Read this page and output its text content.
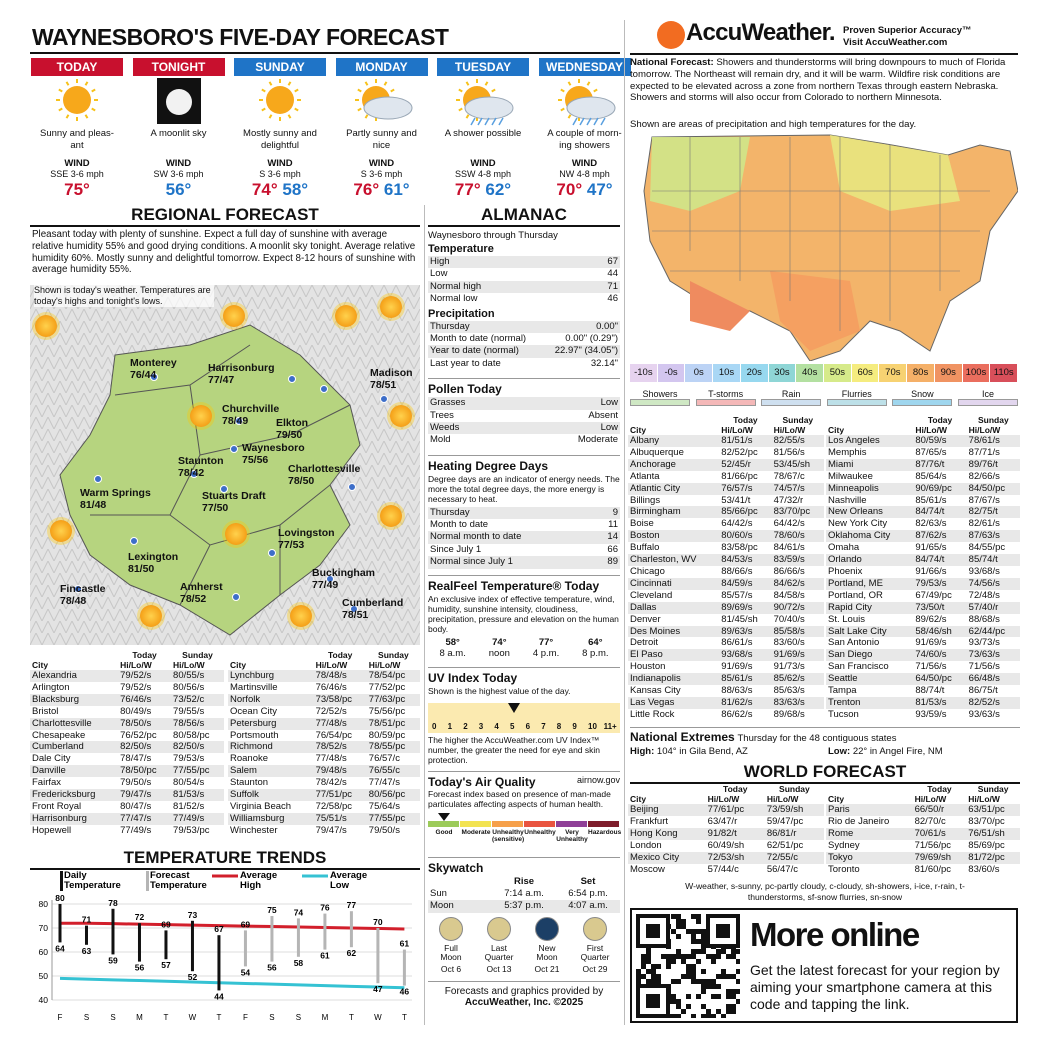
WAYNESBORO'S FIVE-DAY FORECAST
TODAY
Sunny and pleas-
ant
WIND
SSE 3-6 mph
75°
TONIGHT
A moonlit sky
WIND
SW 3-6 mph
56°
SUNDAY
Mostly sunny and
delightful
WIND
S 3-6 mph
74° 58°
MONDAY
Partly sunny and
nice
WIND
S 3-6 mph
76° 61°
TUESDAY
A shower possible
WIND
SSW 4-8 mph
77° 62°
WEDNESDAY
A couple of morn-
ing showers
WIND
NW 4-8 mph
70° 47°
REGIONAL FORECAST
Pleasant today with plenty of sunshine. Expect a full day of sunshine with average relative humidity 55% and good drying conditions. A moonlit sky tonight. Average relative humidity 60%. Mostly sunny and delightful tomorrow. Expect 8-12 hours of sunshine with average humidity 55%.
Shown is today's weather. Temperatures are today's highs and tonight's lows.
Monterey
76/44
Harrisonburg
77/47
Madison
78/51
Elkton
79/50
Churchville
78/49
Waynesboro
75/56
Staunton
78/42	Charlottesville
78/50
Warm Springs
81/48
Stuarts Draft
77/50
Lovingston
77/53
Lexington
81/50
Fincastle
78/48
Amherst
78/52
Buckingham
77/49
Cumberland
78/51
	Today	Sunday
City	Hi/Lo/W	Hi/Lo/W
Alexandria	79/52/s	80/55/s
Arlington	79/52/s	80/56/s
Blacksburg	76/46/s	73/52/c
Bristol	80/49/s	79/55/s
Charlottesville	78/50/s	78/56/s
Chesapeake	76/52/pc	80/58/pc
Cumberland	82/50/s	82/50/s
Dale City	78/47/s	79/53/s
Danville	78/50/pc	77/55/pc
Fairfax	79/50/s	80/54/s
Fredericksburg	79/47/s	81/53/s
Front Royal	80/47/s	81/52/s
Harrisonburg	77/47/s	77/49/s
Hopewell	77/49/s	79/53/pc
	Today	Sunday
City	Hi/Lo/W	Hi/Lo/W
Lynchburg	78/48/s	78/54/pc
Martinsville	76/46/s	77/52/pc
Norfolk	73/58/pc	77/63/pc
Ocean City	72/52/s	75/56/pc
Petersburg	77/48/s	78/51/pc
Portsmouth	76/54/pc	80/59/pc
Richmond	78/52/s	78/55/pc
Roanoke	77/48/s	76/57/c
Salem	79/48/s	76/55/c
Staunton	78/42/s	77/47/s
Suffolk	77/51/pc	80/56/pc
Virginia Beach	72/58/pc	75/64/s
Williamsburg	75/51/s	77/55/pc
Winchester	79/47/s	79/50/s
TEMPERATURE TRENDS
Daily
Temperature
Forecast
Temperature
Average
High
Average
Low
40
50
60
70
80
80
64
F
71
63
S
78
59
S
72
56
M
69
57
T
73
52
W
67
44
T
69
54
F
75
56
S
74
58
S
76
61
M
77
62
T
70
47
W
61
46
T
ALMANAC
Waynesboro through Thursday
Temperature
High	67
Low	44
Normal high	71
Normal low	46
Precipitation
Thursday	0.00"
Month to date (normal)	0.00" (0.29")
Year to date (normal)	22.97" (34.05")
Last year to date	32.14"
Pollen Today
Grasses	Low
Trees	Absent
Weeds	Low
Mold	Moderate
Heating Degree Days
Degree days are an indicator of energy needs. The more the total degree days, the more energy is necessary to heat.
Thursday	9
Month to date	11
Normal month to date	14
Since July 1	66
Normal since July 1	89
RealFeel Temperature® Today
An exclusive index of effective temperature, wind, humidity, sunshine intensity, cloudiness, precipitation, pressure and elevation on the human body.
58°
8 a.m.
74°
noon
77°
4 p.m.
64°
8 p.m.
UV Index Today
Shown is the highest value of the day.
0 1 2 3 4 5 6 7 8 9 10 11+
The higher the AccuWeather.com UV Index™ number, the greater the need for eye and skin protection.
Today's Air Quality	airnow.gov
Forecast index based on presence of man-made particulates affecting aspects of human health.
Good	Moderate Unhealthy (sensitive)
Unhealthy	Very Unhealthy
Hazardous
Skywatch
Rise	Set
Sun	7:14 a.m.	6:54 p.m.
Moon	5:37 p.m.	4:07 a.m.
Full
Moon
Oct 6
Last
Quarter
Oct 13
New
Moon
Oct 21
First
Quarter
Oct 29
Forecasts and graphics provided by
AccuWeather, Inc. ©2025
AccuWeather. Proven Superior Accuracy™
Visit AccuWeather.com
National Forecast: Showers and thunderstorms will bring downpours to much of Florida tomorrow. The Northeast will remain dry, and it will be warm. Wildfire risk conditions are expected to be elevated across a zone from northern Texas through eastern Nebraska. Showers and storms will also occur from Colorado to northern Minnesota.
Shown are areas of precipitation and high temperatures for the day.
-10s	-0s	0s	10s	20s	30s	40s	50s	60s	70s	80s	90s	100s 110s
Showers	T-storms	Rain	Flurries	Snow	Ice
	Today	Sunday
City	Hi/Lo/W	Hi/Lo/W
Albany	81/51/s	82/55/s
Albuquerque	82/52/pc	81/56/s
Anchorage	52/45/r	53/45/sh
Atlanta	81/66/pc	78/67/c
Atlantic City	76/57/s	74/57/s
Billings	53/41/t	47/32/r
Birmingham	85/66/pc	83/70/pc
Boise	64/42/s	64/42/s
Boston	80/60/s	78/60/s
Buffalo	83/58/pc	84/61/s
Charleston, WV	84/53/s	83/59/s
Chicago	88/66/s	86/66/s
Cincinnati	84/59/s	84/62/s
Cleveland	85/57/s	84/58/s
Dallas	89/69/s	90/72/s
Denver	81/45/sh	70/40/s
Des Moines	89/63/s	85/58/s
Detroit	86/61/s	83/60/s
El Paso	93/68/s	91/69/s
Houston	91/69/s	91/73/s
Indianapolis	85/61/s	85/62/s
Kansas City	88/63/s	85/63/s
Las Vegas	81/62/s	83/63/s
Little Rock	86/62/s	89/68/s
	Today	Sunday
City	Hi/Lo/W	Hi/Lo/W
Los Angeles	80/59/s	78/61/s
Memphis	87/65/s	87/71/s
Miami	87/76/t	89/76/t
Milwaukee	85/64/s	82/66/s
Minneapolis	90/69/pc	84/50/pc
Nashville	85/61/s	87/67/s
New Orleans	84/74/t	82/75/t
New York City	82/63/s	82/61/s
Oklahoma City	87/62/s	87/63/s
Omaha	91/65/s	84/55/pc
Orlando	84/74/t	85/74/t
Phoenix	91/66/s	93/68/s
Portland, ME	79/53/s	74/56/s
Portland, OR	67/49/pc	72/48/s
Rapid City	73/50/t	57/40/r
St. Louis	89/62/s	88/68/s
Salt Lake City	58/46/sh	62/44/pc
San Antonio	91/69/s	93/73/s
San Diego	74/60/s	73/63/s
San Francisco	71/56/s	71/56/s
Seattle	64/50/pc	66/48/s
Tampa	88/74/t	86/75/t
Trenton	81/53/s	82/52/s
Tucson	93/59/s	93/63/s
National Extremes Thursday for the 48 contiguous states
High: 104° in Gila Bend, AZ	Low: 22° in Angel Fire, NM
WORLD FORECAST
	Today	Sunday
City	Hi/Lo/W	Hi/Lo/W
Beijing	77/61/pc	73/59/sh
Frankfurt	63/47/r	59/47/pc
Hong Kong	91/82/t	86/81/r
London	60/49/sh	62/51/pc
Mexico City	72/53/sh	72/55/c
Moscow	57/44/c	56/47/c
	Today	Sunday
City	Hi/Lo/W	Hi/Lo/W
Paris	66/50/r	63/51/pc
Rio de Janeiro	82/70/c	83/70/pc
Rome	70/61/s	76/51/sh
Sydney	71/56/pc	85/69/pc
Tokyo	79/69/sh	81/72/pc
Toronto	81/60/pc	83/60/s
W-weather, s-sunny, pc-partly cloudy, c-cloudy, sh-showers, i-ice, r-rain, t-thunderstorms, sf-snow flurries, sn-snow
More online
Get the latest forecast for your region by aiming your smartphone camera at this code and tapping the link.
